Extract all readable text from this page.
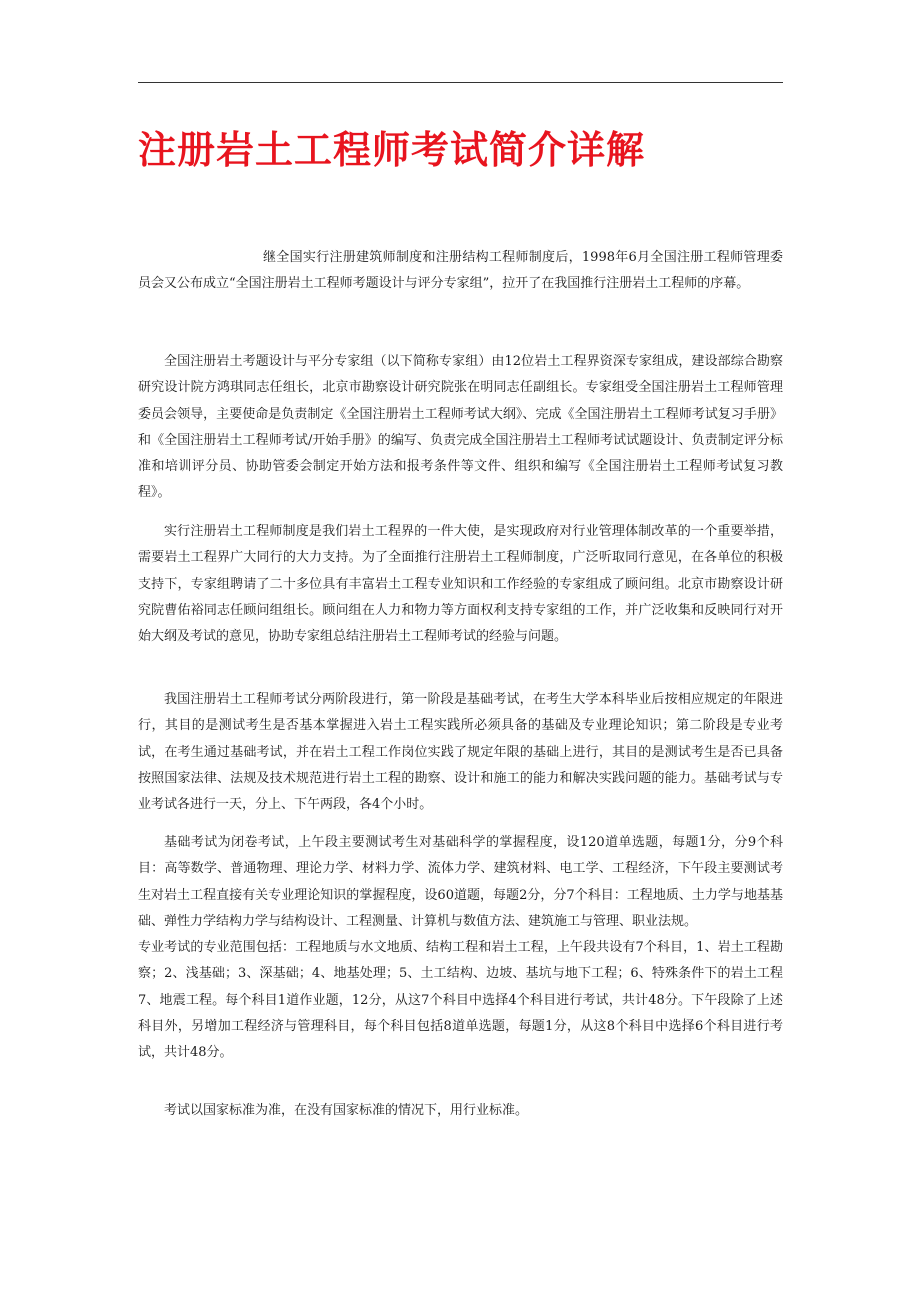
注册岩土工程师考试简介详解

继全国实行注册建筑师制度和注册结构工程师制度后，1998年6月全国注册工程师管理委员会又公布成立“全国注册岩土工程师考题设计与评分专家组”，拉开了在我国推行注册岩土工程师的序幕。

全国注册岩土考题设计与平分专家组（以下简称专家组）由12位岩土工程界资深专家组成，建设部综合勘察研究设计院方鸿琪同志任组长，北京市勘察设计研究院张在明同志任副组长。专家组受全国注册岩土工程师管理委员会领导，主要使命是负责制定《全国注册岩土工程师考试大纲》、完成《全国注册岩土工程师考试复习手册》和《全国注册岩土工程师考试/开始手册》的编写、负责完成全国注册岩土工程师考试试题设计、负责制定评分标准和培训评分员、协助管委会制定开始方法和报考条件等文件、组织和编写《全国注册岩土工程师考试复习教程》。

实行注册岩土工程师制度是我们岩土工程界的一件大使，是实现政府对行业管理体制改革的一个重要举措，需要岩土工程界广大同行的大力支持。为了全面推行注册岩土工程师制度，广泛听取同行意见，在各单位的积极支持下，专家组聘请了二十多位具有丰富岩土工程专业知识和工作经验的专家组成了顾问组。北京市勘察设计研究院曹佑裕同志任顾问组组长。顾问组在人力和物力等方面权利支持专家组的工作，并广泛收集和反映同行对开始大纲及考试的意见，协助专家组总结注册岩土工程师考试的经验与问题。

我国注册岩土工程师考试分两阶段进行，第一阶段是基础考试，在考生大学本科毕业后按相应规定的年限进行，其目的是测试考生是否基本掌握进入岩土工程实践所必须具备的基础及专业理论知识；第二阶段是专业考试，在考生通过基础考试，并在岩土工程工作岗位实践了规定年限的基础上进行，其目的是测试考生是否已具备按照国家法律、法规及技术规范进行岩土工程的勘察、设计和施工的能力和解决实践问题的能力。基础考试与专业考试各进行一天，分上、下午两段，各4个小时。

基础考试为闭卷考试，上午段主要测试考生对基础科学的掌握程度，设120道单选题，每题1分，分9个科目：高等数学、普通物理、理论力学、材料力学、流体力学、建筑材料、电工学、工程经济，下午段主要测试考生对岩土工程直接有关专业理论知识的掌握程度，设60道题，每题2分，分7个科目：工程地质、土力学与地基基础、弹性力学结构力学与结构设计、工程测量、计算机与数值方法、建筑施工与管理、职业法规。

专业考试的专业范围包括：工程地质与水文地质、结构工程和岩土工程，上午段共设有7个科目，1、岩土工程勘察；2、浅基础；3、深基础；4、地基处理；5、土工结构、边坡、基坑与地下工程；6、特殊条件下的岩土工程 7、地震工程。每个科目1道作业题，12分，从这7个科目中选择4个科目进行考试，共计48分。下午段除了上述科目外，另增加工程经济与管理科目，每个科目包括8道单选题，每题1分，从这8个科目中选择6个科目进行考试，共计48分。

考试以国家标准为准，在没有国家标准的情况下，用行业标准。
